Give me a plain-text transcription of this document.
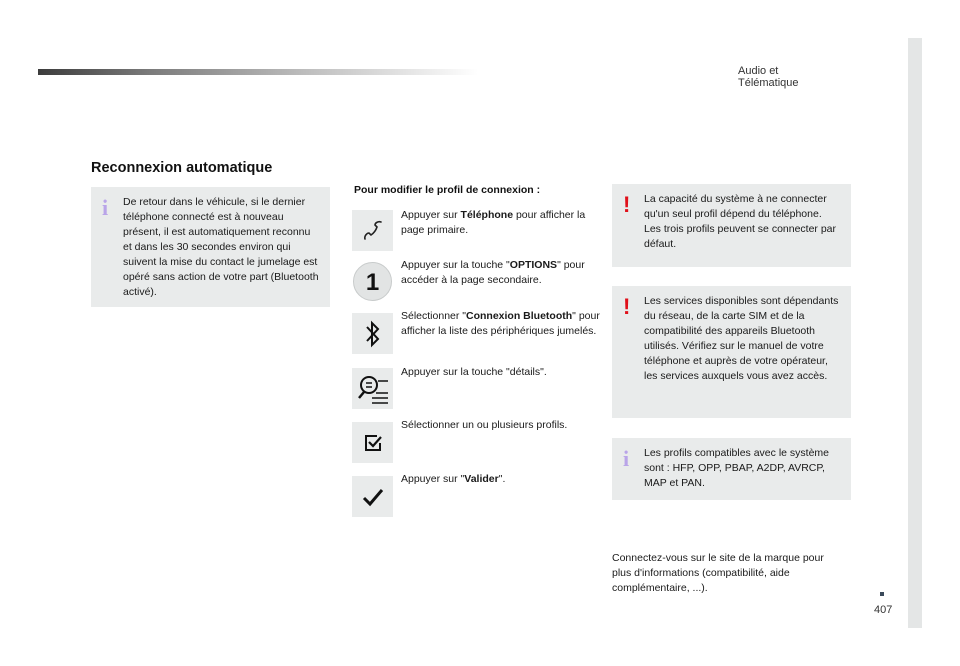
Audio et Télématique
407
Reconnexion automatique
i De retour dans le véhicule, si le dernier téléphone connecté est à nouveau présent, il est automatiquement reconnu et dans les 30 secondes environ qui suivent la mise du contact le jumelage est opéré sans action de votre part (Bluetooth activé).
Pour modifier le profil de connexion :
Appuyer sur Téléphone pour afficher la page primaire.
1
Appuyer sur la touche "OPTIONS" pour accéder à la page secondaire.
Sélectionner "Connexion Bluetooth" pour afficher la liste des périphériques jumelés.
Appuyer sur la touche "détails".
Sélectionner un ou plusieurs profils.
Appuyer sur "Valider".
! La capacité du système à ne connecter qu'un seul profil dépend du téléphone. Les trois profils peuvent se connecter par défaut.
! Les services disponibles sont dépendants du réseau, de la carte SIM et de la compatibilité des appareils Bluetooth utilisés. Vérifiez sur le manuel de votre téléphone et auprès de votre opérateur, les services auxquels vous avez accès.
i Les profils compatibles avec le système sont : HFP, OPP, PBAP, A2DP, AVRCP, MAP et PAN.
Connectez-vous sur le site de la marque pour plus d'informations (compatibilité, aide complémentaire, ...).
